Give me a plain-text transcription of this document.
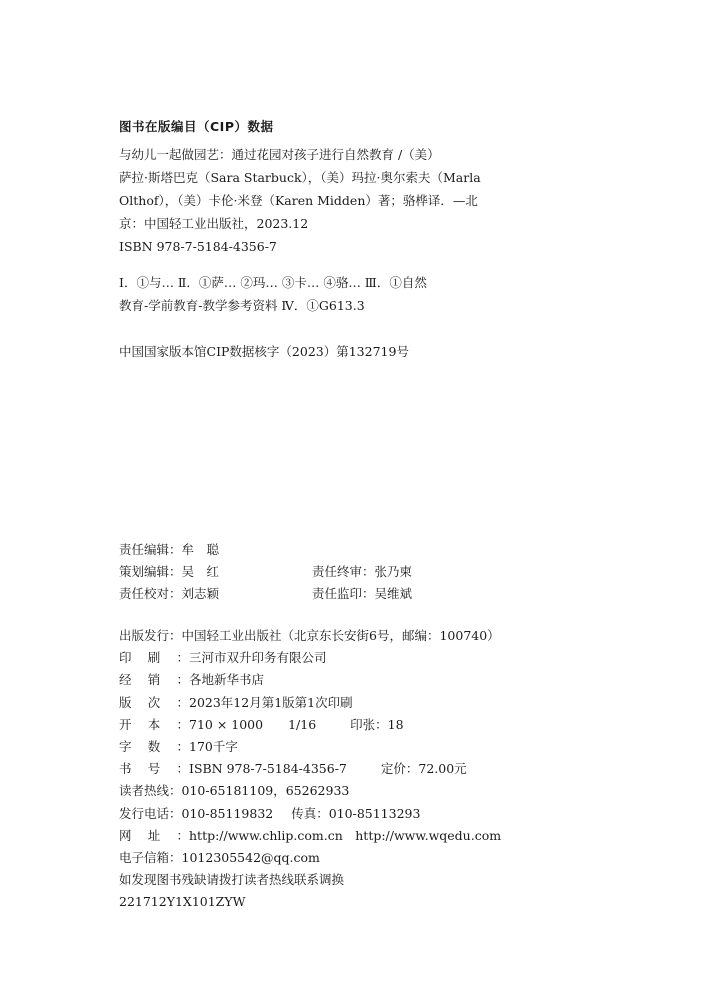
图书在版编目（CIP）数据
与幼儿一起做园艺：通过花园对孩子进行自然教育 /（美）
萨拉·斯塔巴克（Sara Starbuck），（美）玛拉·奥尔索夫（Marla
Olthof），（美）卡伦·米登（Karen Midden）著；骆桦译．—北
京：中国轻工业出版社，2023.12
ISBN 978-7-5184-4356-7
Ⅰ．①与… Ⅱ．①萨… ②玛… ③卡… ④骆… Ⅲ．①自然
教育-学前教育-教学参考资料 Ⅳ．①G613.3
中国国家版本馆CIP数据核字（2023）第132719号
责任编辑：牟　聪
策划编辑：吴　红	责任终审：张乃柬
责任校对：刘志颖	责任监印：吴维斌
出版发行：中国轻工业出版社（北京东长安街6号，邮编：100740）
印刷：三河市双升印务有限公司
经销：各地新华书店
版次：2023年12月第1版第1次印刷
开本：710 × 1000　　1/16	印张：18
字数：170千字
书号：ISBN 978-7-5184-4356-7	定价：72.00元
读者热线：010-65181109，65262933
发行电话：010-85119832 传真：010-85113293
网址：http://www.chlip.com.cn　http://www.wqedu.com
电子信箱：1012305542@qq.com
如发现图书残缺请拨打读者热线联系调换
221712Y1X101ZYW
